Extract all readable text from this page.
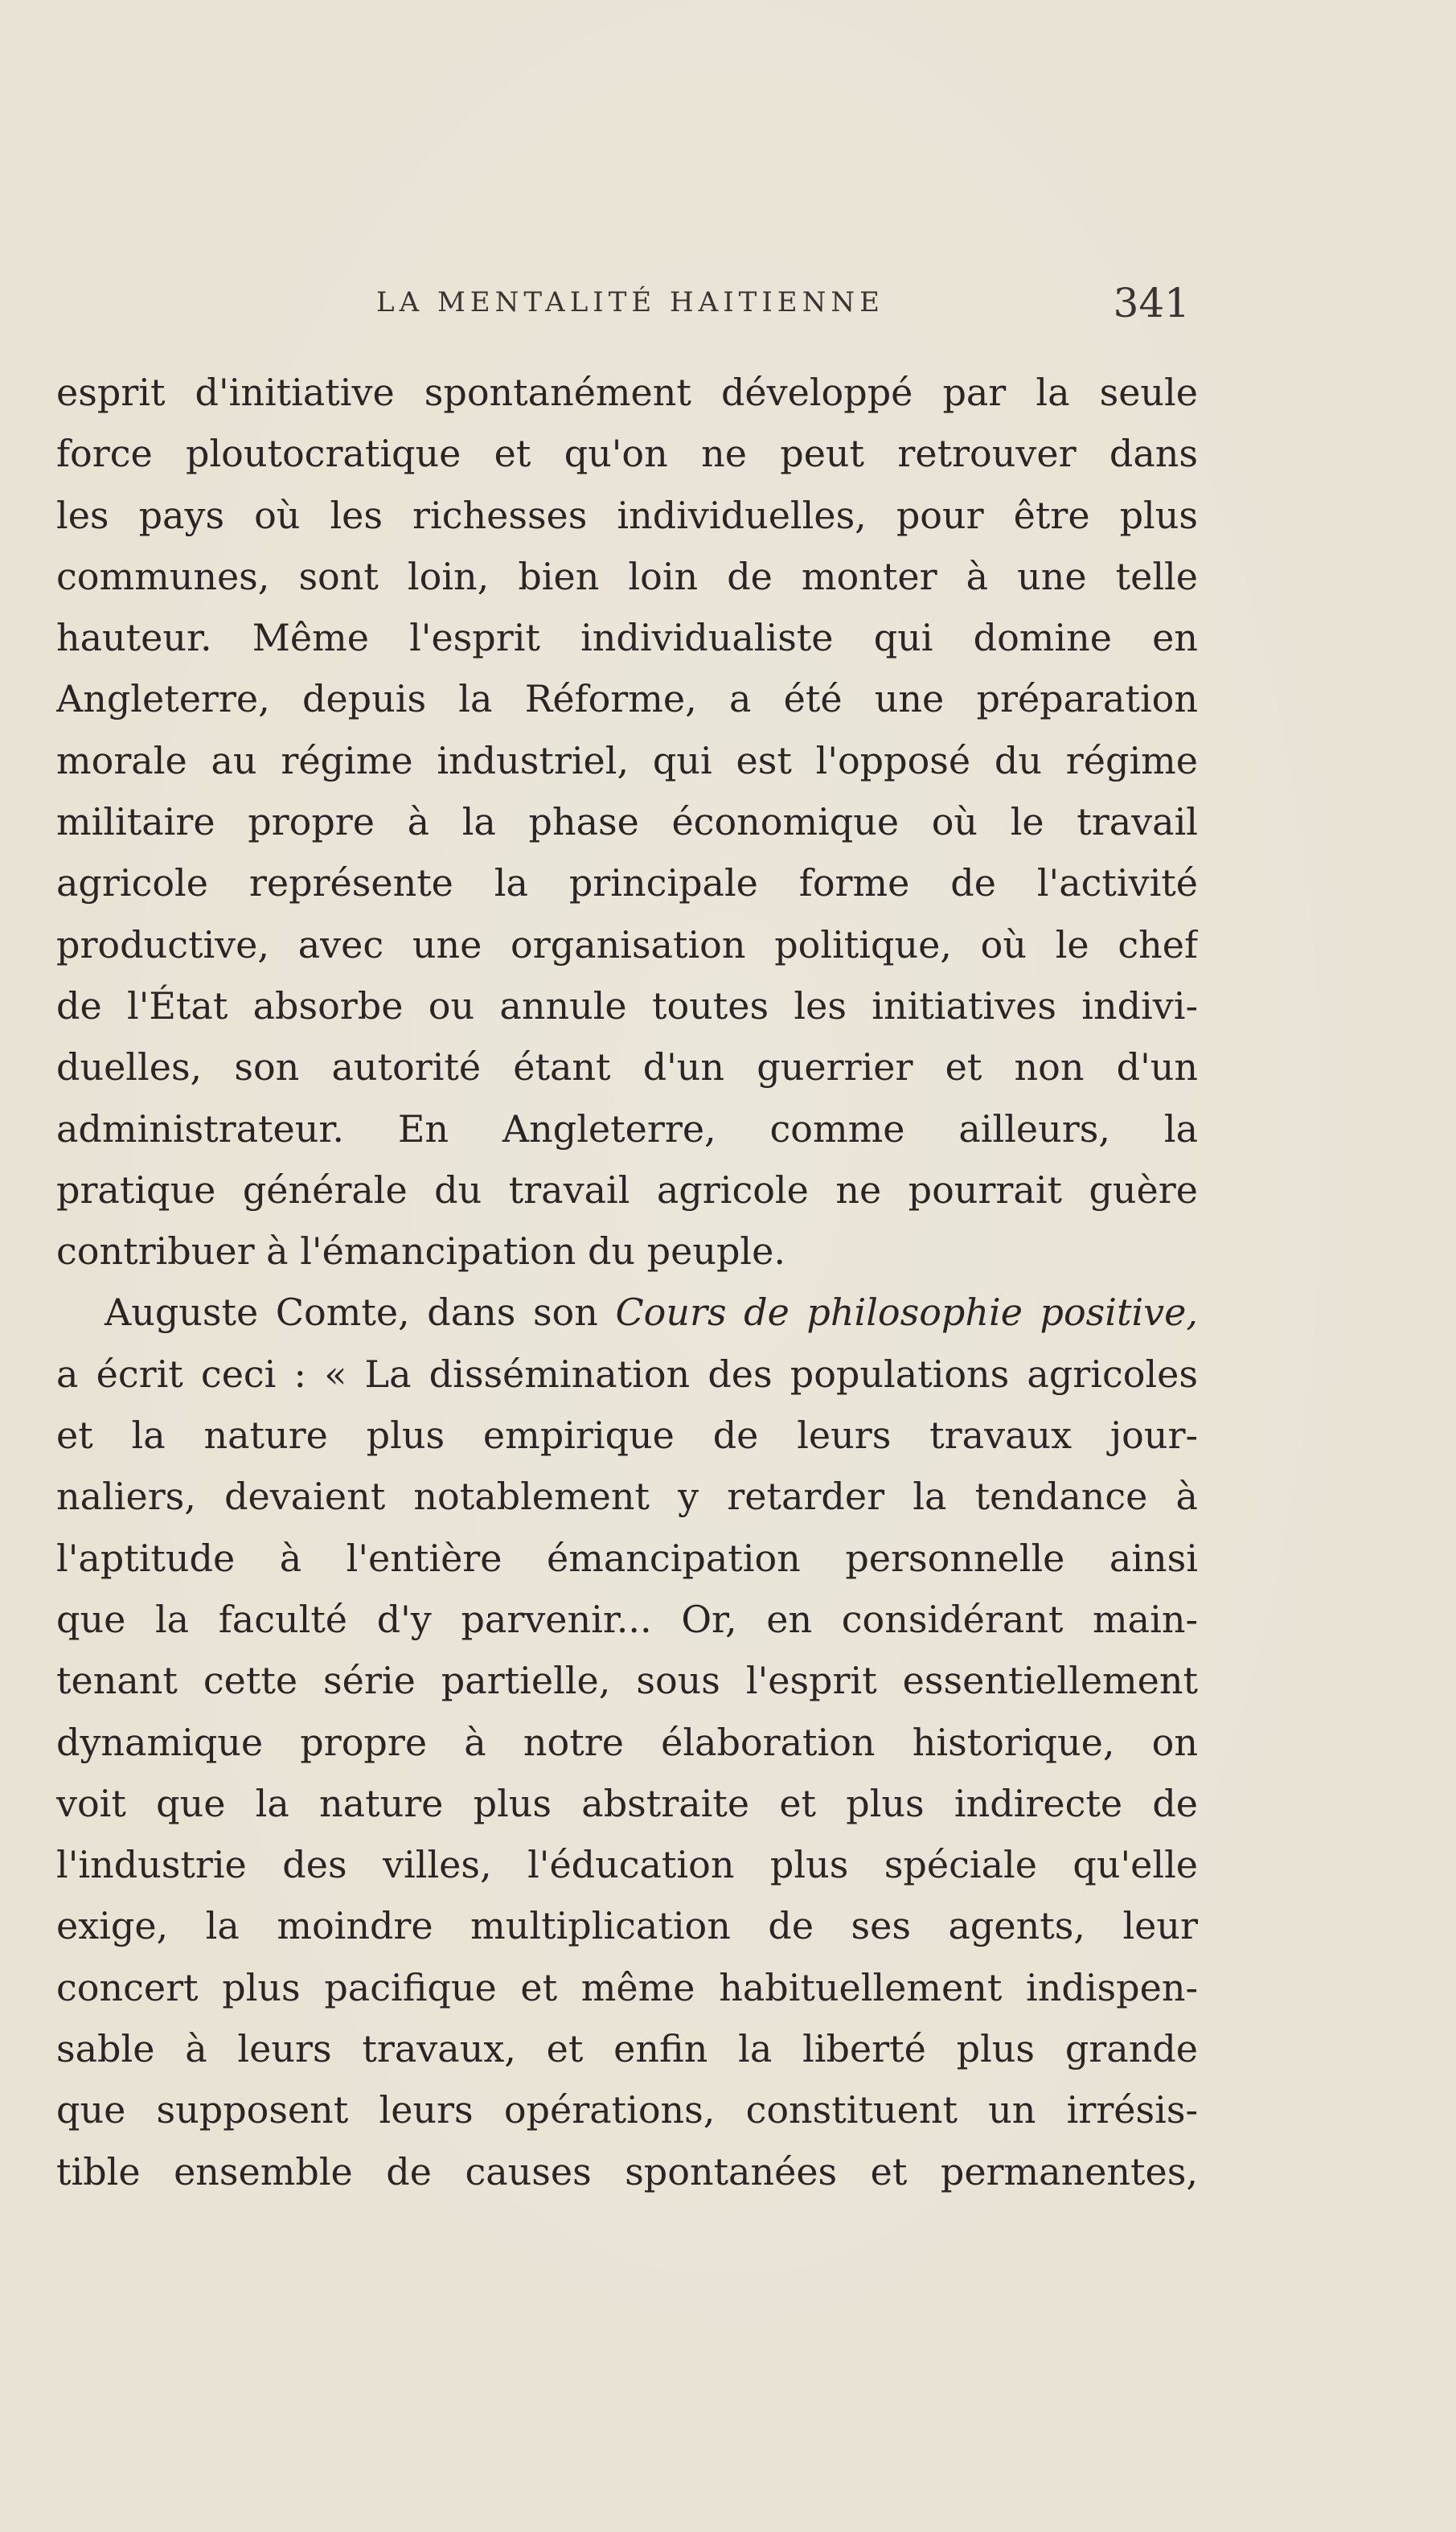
LA MENTALITÉ HAITIENNE	341
esprit d'initiative spontanément développé par la seule
force ploutocratique et qu'on ne peut retrouver dans
les pays où les richesses individuelles, pour être plus
communes, sont loin, bien loin de monter à une telle
hauteur. Même l'esprit individualiste qui domine en
Angleterre, depuis la Réforme, a été une préparation
morale au régime industriel, qui est l'opposé du régime
militaire propre à la phase économique où le travail
agricole représente la principale forme de l'activité
productive, avec une organisation politique, où le chef
de l'État absorbe ou annule toutes les initiatives indivi-
duelles, son autorité étant d'un guerrier et non d'un
administrateur. En Angleterre, comme ailleurs, la
pratique générale du travail agricole ne pourrait guère
contribuer à l'émancipation du peuple.
Auguste Comte, dans son Cours de philosophie positive,
a écrit ceci : « La dissémination des populations agricoles
et la nature plus empirique de leurs travaux jour-
naliers, devaient notablement y retarder la tendance à
l'aptitude à l'entière émancipation personnelle ainsi
que la faculté d'y parvenir... Or, en considérant main-
tenant cette série partielle, sous l'esprit essentiellement
dynamique propre à notre élaboration historique, on
voit que la nature plus abstraite et plus indirecte de
l'industrie des villes, l'éducation plus spéciale qu'elle
exige, la moindre multiplication de ses agents, leur
concert plus pacifique et même habituellement indispen-
sable à leurs travaux, et enfin la liberté plus grande
que supposent leurs opérations, constituent un irrésis-
tible ensemble de causes spontanées et permanentes,
